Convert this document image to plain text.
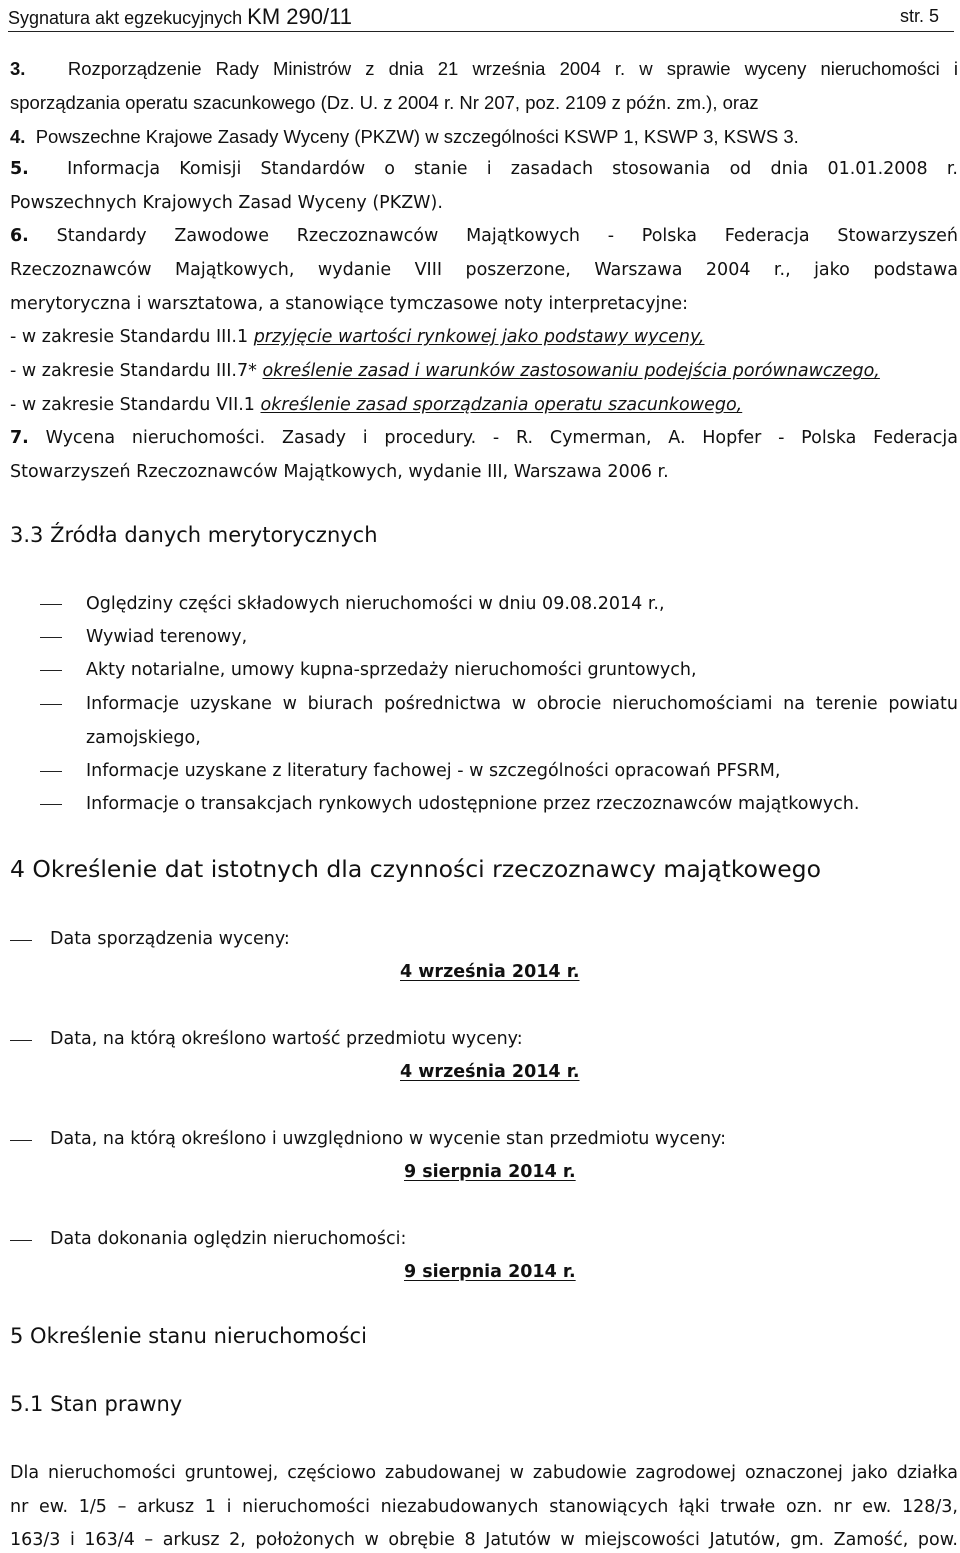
Sygnatura akt egzekucyjnych KM 290/11	str. 5
3. Rozporządzenie Rady Ministrów z dnia 21 września 2004 r. w sprawie wyceny nieruchomości i
sporządzania operatu szacunkowego (Dz. U. z 2004 r. Nr 207, poz. 2109 z późn. zm.), oraz
4. Powszechne Krajowe Zasady Wyceny (PKZW) w szczególności KSWP 1, KSWP 3, KSWS 3.
5. Informacja Komisji Standardów o stanie i zasadach stosowania od dnia 01.01.2008 r.
Powszechnych Krajowych Zasad Wyceny (PKZW).
6. Standardy Zawodowe Rzeczoznawców Majątkowych - Polska Federacja Stowarzyszeń
Rzeczoznawców Majątkowych, wydanie VIII poszerzone, Warszawa 2004 r., jako podstawa
merytoryczna i warsztatowa, a stanowiące tymczasowe noty interpretacyjne:
- w zakresie Standardu III.1 przyjęcie wartości rynkowej jako podstawy wyceny,
- w zakresie Standardu III.7* określenie zasad i warunków zastosowaniu podejścia porównawczego,
- w zakresie Standardu VII.1 określenie zasad sporządzania operatu szacunkowego,
7. Wycena nieruchomości. Zasady i procedury. - R. Cymerman, A. Hopfer - Polska Federacja
Stowarzyszeń Rzeczoznawców Majątkowych, wydanie III, Warszawa 2006 r.
3.3 Źródła danych merytorycznych
Oględziny części składowych nieruchomości w dniu 09.08.2014 r.,
Wywiad terenowy,
Akty notarialne, umowy kupna-sprzedaży nieruchomości gruntowych,
Informacje uzyskane w biurach pośrednictwa w obrocie nieruchomościami na terenie powiatu
zamojskiego,
Informacje uzyskane z literatury fachowej - w szczególności opracowań PFSRM,
Informacje o transakcjach rynkowych udostępnione przez rzeczoznawców majątkowych.
4 Określenie dat istotnych dla czynności rzeczoznawcy majątkowego
Data sporządzenia wyceny:
4 września 2014 r.
Data, na którą określono wartość przedmiotu wyceny:
4 września 2014 r.
Data, na którą określono i uwzględniono w wycenie stan przedmiotu wyceny:
9 sierpnia 2014 r.
Data dokonania oględzin nieruchomości:
9 sierpnia 2014 r.
5 Określenie stanu nieruchomości
5.1 Stan prawny
Dla nieruchomości gruntowej, częściowo zabudowanej w zabudowie zagrodowej oznaczonej jako działka
nr ew. 1/5 – arkusz 1 i nieruchomości niezabudowanych stanowiących łąki trwałe ozn. nr ew. 128/3,
163/3 i 163/4 – arkusz 2, położonych w obrębie 8 Jatutów w miejscowości Jatutów, gm. Zamość, pow.
